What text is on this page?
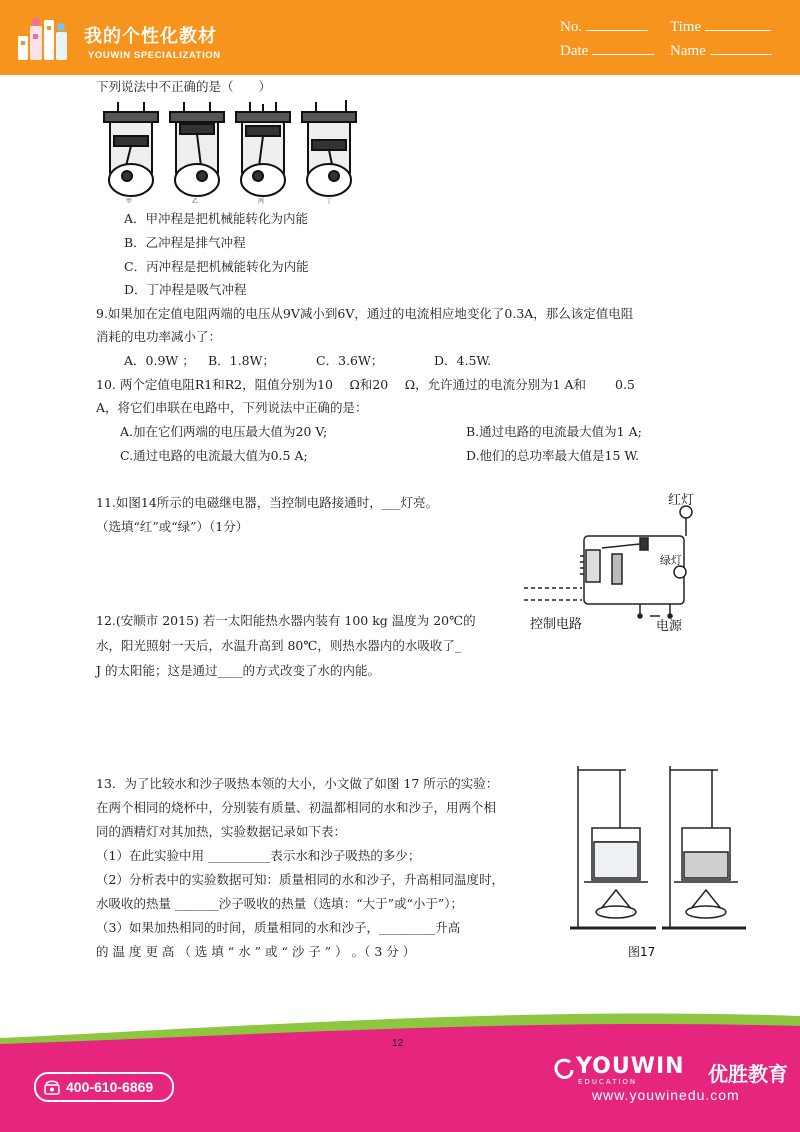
我的个性化教材
YOUWIN SPECIALIZATION
No.	Time
Date	Name
下列说法中不正确的是（　　）
甲	乙	丙	丁
A．甲冲程是把机械能转化为内能
B．乙冲程是排气冲程
C．丙冲程是把机械能转化为内能
D．丁冲程是吸气冲程
9.如果加在定值电阻两端的电压从9V减小到6V，通过的电流相应地变化了0.3A，那么该定值电阻
消耗的电功率减小了：
A．0.9W ； B．1.8W；	C．3.6W；	D．4.5W.
10. 两个定值电阻R1和R2，阻值分别为10 　Ω和20 　Ω，允许通过的电流分别为1 A和　　 0.5
A，将它们串联在电路中，下列说法中正确的是：
A.加在它们两端的电压最大值为20 V;	B.通过电路的电流最大值为1 A;
C.通过电路的电流最大值为0.5 A;	D.他们的总功率最大值是15 W.
11.如图14所示的电磁继电器，当控制电路接通时，___灯亮。
（选填“红”或“绿”）（1分）
红灯
绿灯
控制电路	电源
12.(安顺市 2015) 若一太阳能热水器内装有 100 kg 温度为 20℃的
水，阳光照射一天后，水温升高到 80℃，则热水器内的水吸收了_
J 的太阳能；这是通过____的方式改变了水的内能。
13．为了比较水和沙子吸热本领的大小，小文做了如图 17 所示的实验：
在两个相同的烧杯中，分别装有质量、初温都相同的水和沙子，用两个相
同的酒精灯对其加热，实验数据记录如下表：
（1）在此实验中用 __________表示水和沙子吸热的多少；
（2）分析表中的实验数据可知：质量相同的水和沙子，升高相同温度时，
水吸收的热量 _______沙子吸收的热量（选填：“大于”或“小于”）；
（3）如果加热相同的时间，质量相同的水和沙子，_________升高
的 温 度 更 高 （ 选 填 “ 水 ” 或 “ 沙 子 ” ） 。（ 3 分 ）	图17
12
400-610-6869
YOUWIN
EDUCATION	优胜教育
www.youwinedu.com
